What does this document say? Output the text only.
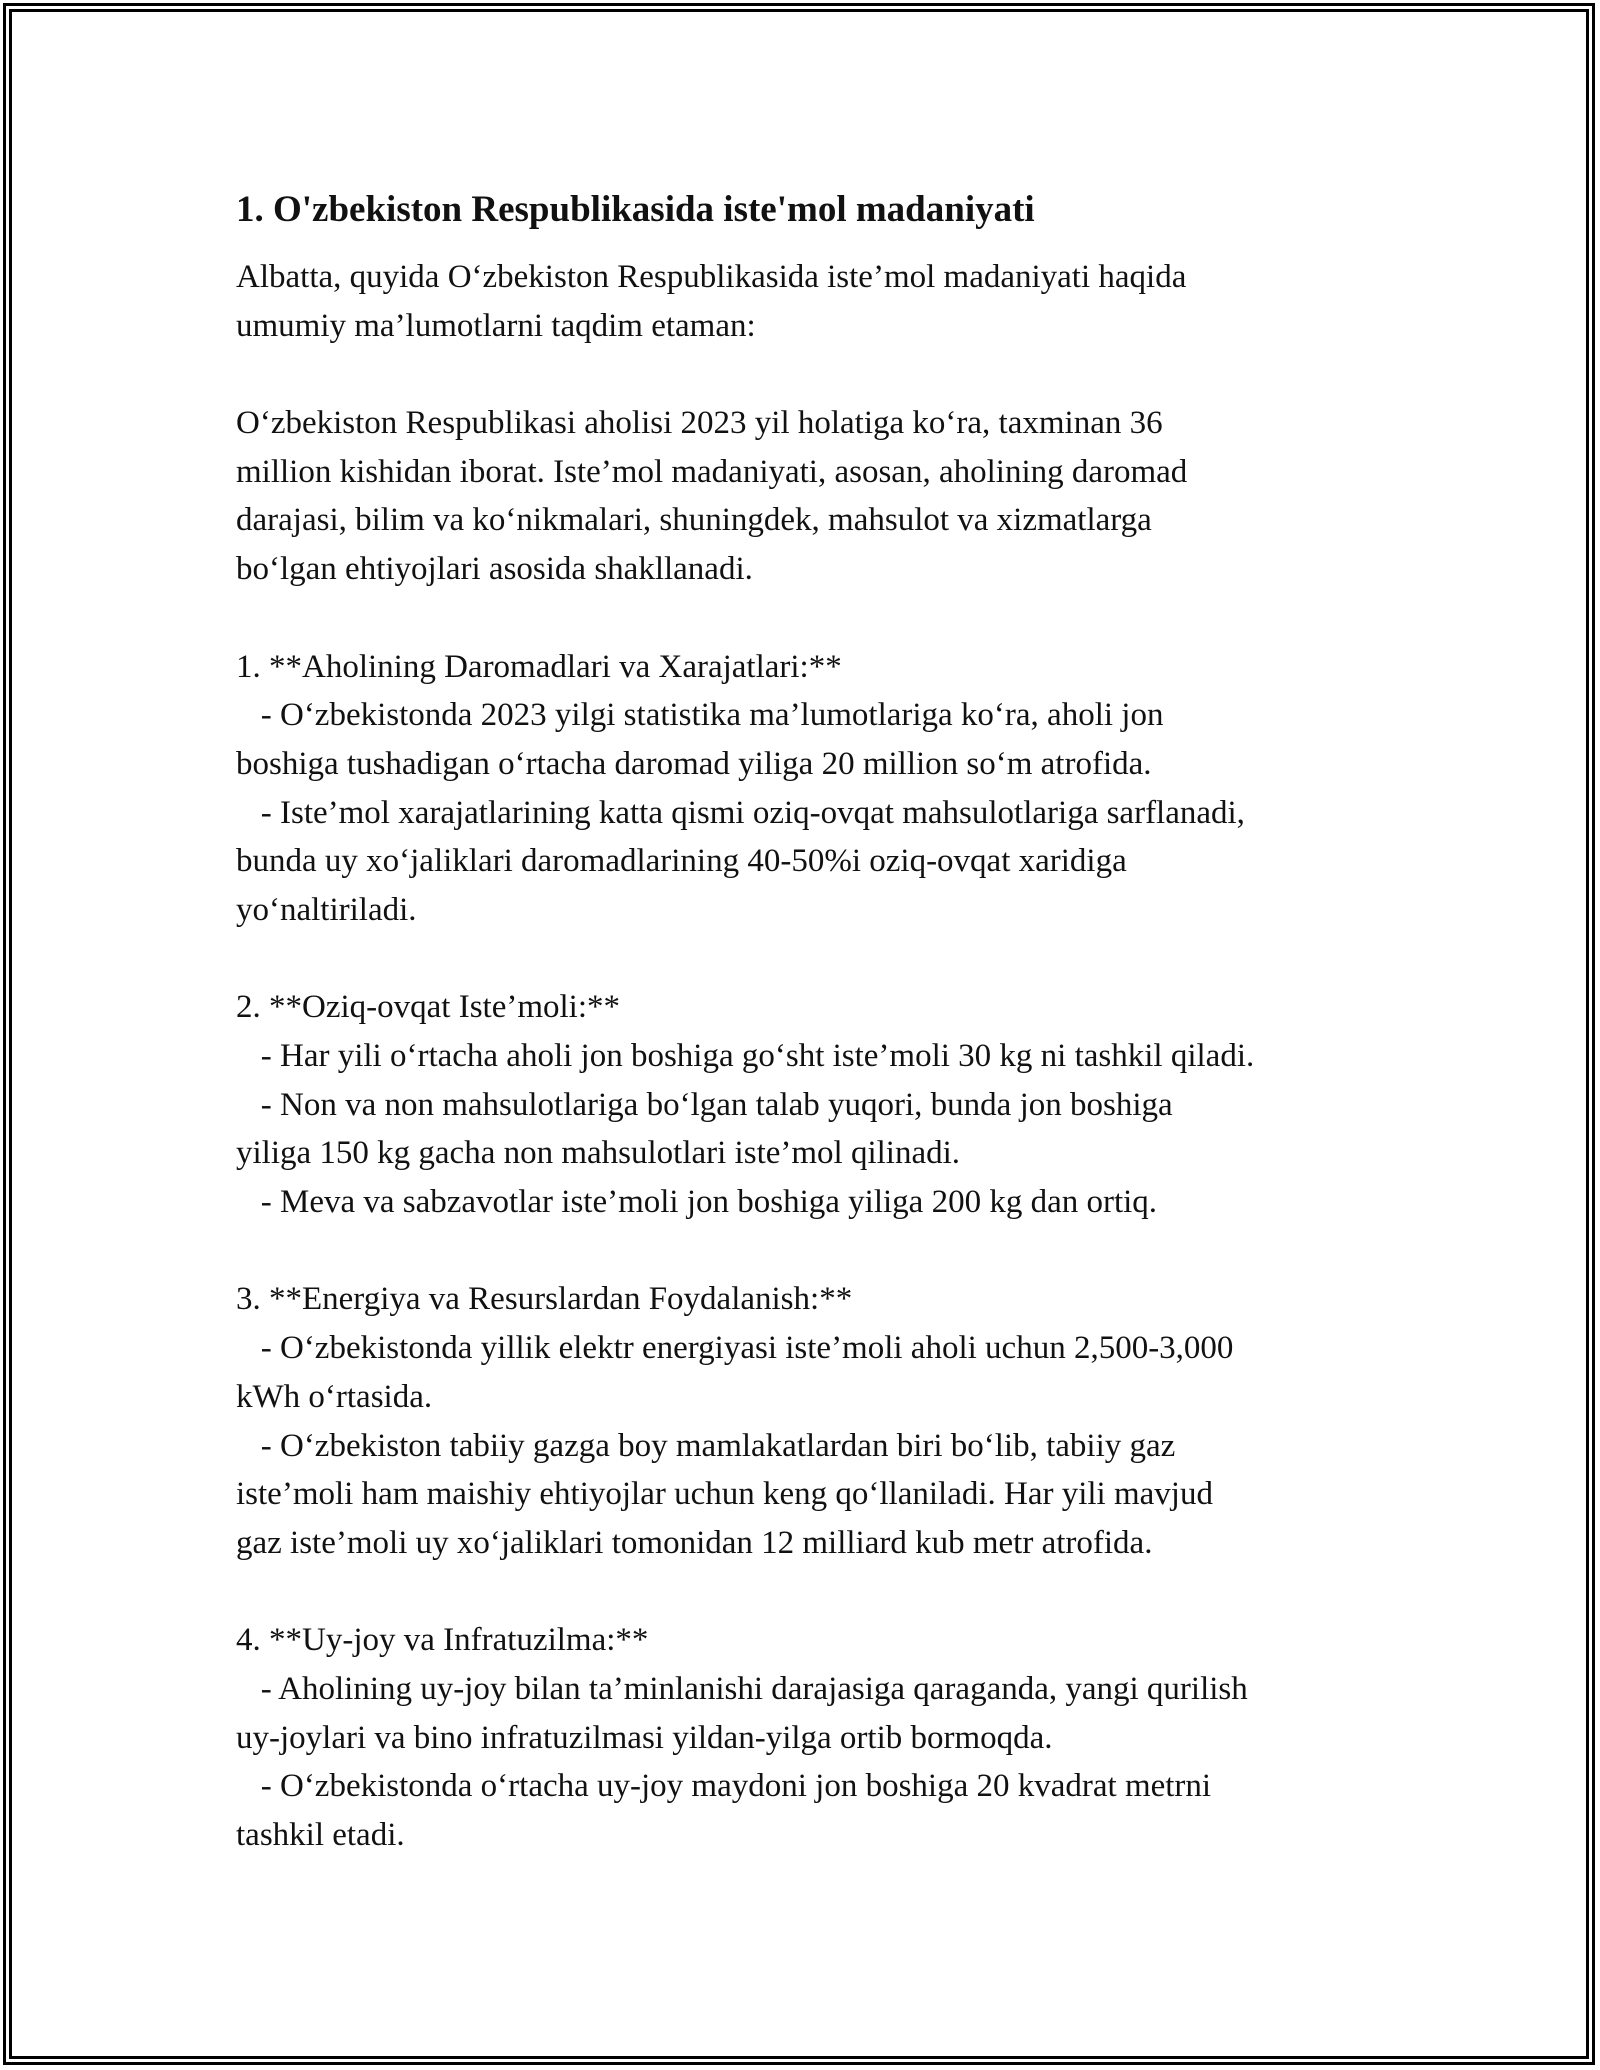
1. O'zbekiston Respublikasida iste'mol madaniyati
Albatta, quyida O‘zbekiston Respublikasida iste’mol madaniyati haqida
umumiy ma’lumotlarni taqdim etaman:
O‘zbekiston Respublikasi aholisi 2023 yil holatiga ko‘ra, taxminan 36
million kishidan iborat. Iste’mol madaniyati, asosan, aholining daromad
darajasi, bilim va ko‘nikmalari, shuningdek, mahsulot va xizmatlarga
bo‘lgan ehtiyojlari asosida shakllanadi.
1. **Aholining Daromadlari va Xarajatlari:**
- O‘zbekistonda 2023 yilgi statistika ma’lumotlariga ko‘ra, aholi jon
boshiga tushadigan o‘rtacha daromad yiliga 20 million so‘m atrofida.
- Iste’mol xarajatlarining katta qismi oziq-ovqat mahsulotlariga sarflanadi,
bunda uy xo‘jaliklari daromadlarining 40-50%i oziq-ovqat xaridiga
yo‘naltiriladi.
2. **Oziq-ovqat Iste’moli:**
- Har yili o‘rtacha aholi jon boshiga go‘sht iste’moli 30 kg ni tashkil qiladi.
- Non va non mahsulotlariga bo‘lgan talab yuqori, bunda jon boshiga
yiliga 150 kg gacha non mahsulotlari iste’mol qilinadi.
- Meva va sabzavotlar iste’moli jon boshiga yiliga 200 kg dan ortiq.
3. **Energiya va Resurslardan Foydalanish:**
- O‘zbekistonda yillik elektr energiyasi iste’moli aholi uchun 2,500-3,000
kWh o‘rtasida.
- O‘zbekiston tabiiy gazga boy mamlakatlardan biri bo‘lib, tabiiy gaz
iste’moli ham maishiy ehtiyojlar uchun keng qo‘llaniladi. Har yili mavjud
gaz iste’moli uy xo‘jaliklari tomonidan 12 milliard kub metr atrofida.
4. **Uy-joy va Infratuzilma:**
- Aholining uy-joy bilan ta’minlanishi darajasiga qaraganda, yangi qurilish
uy-joylari va bino infratuzilmasi yildan-yilga ortib bormoqda.
- O‘zbekistonda o‘rtacha uy-joy maydoni jon boshiga 20 kvadrat metrni
tashkil etadi.
